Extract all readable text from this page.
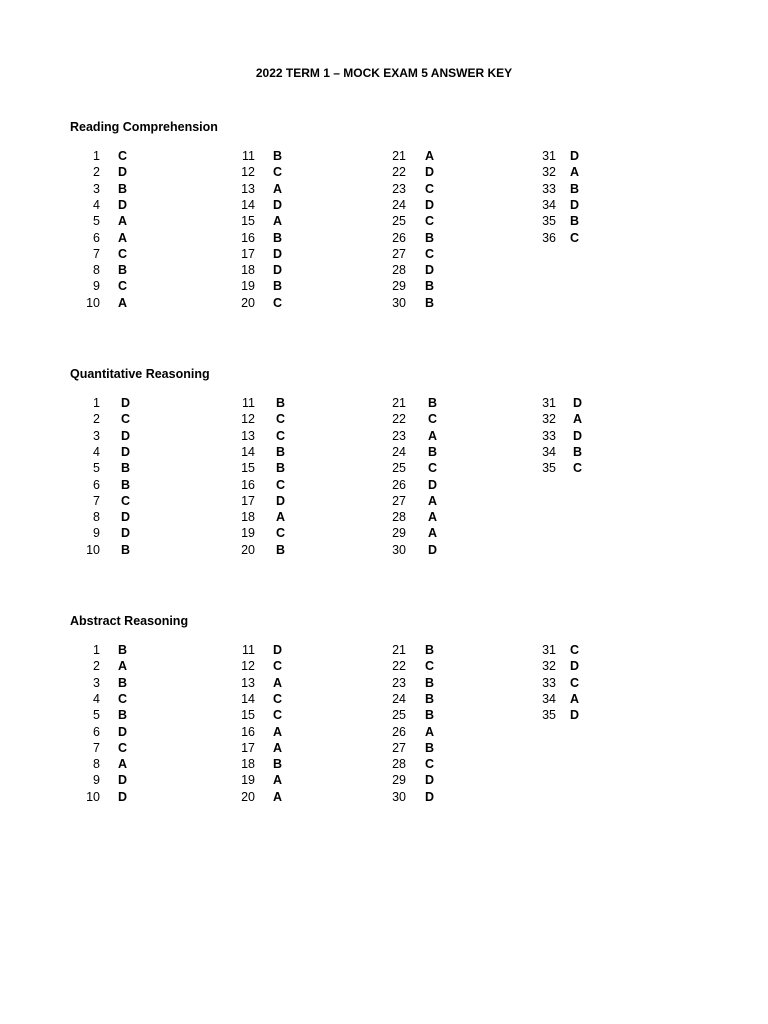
2022 TERM 1 – MOCK EXAM 5 ANSWER KEY
Reading Comprehension
1 C
2 D
3 B
4 D
5 A
6 A
7 C
8 B
9 C
10 A
11 B
12 C
13 A
14 D
15 A
16 B
17 D
18 D
19 B
20 C
21 A
22 D
23 C
24 D
25 C
26 B
27 C
28 D
29 B
30 B
31 D
32 A
33 B
34 D
35 B
36 C
Quantitative Reasoning
1 D
2 C
3 D
4 D
5 B
6 B
7 C
8 D
9 D
10 B
11 B
12 C
13 C
14 B
15 B
16 C
17 D
18 A
19 C
20 B
21 B
22 C
23 A
24 B
25 C
26 D
27 A
28 A
29 A
30 D
31 D
32 A
33 D
34 B
35 C
Abstract Reasoning
1 B
2 A
3 B
4 C
5 B
6 D
7 C
8 A
9 D
10 D
11 D
12 C
13 A
14 C
15 C
16 A
17 A
18 B
19 A
20 A
21 B
22 C
23 B
24 B
25 B
26 A
27 B
28 C
29 D
30 D
31 C
32 D
33 C
34 A
35 D
